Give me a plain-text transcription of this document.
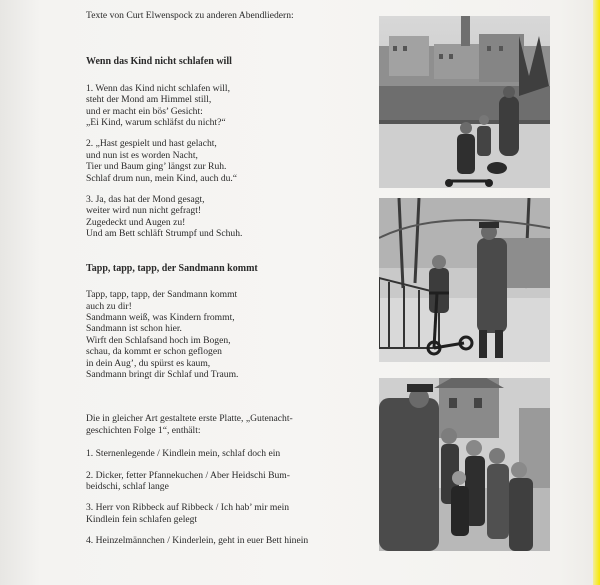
Texte von Curt Elwenspock zu anderen Abendliedern:
Wenn das Kind nicht schlafen will
1. Wenn das Kind nicht schlafen will,
steht der Mond am Himmel still,
und er macht ein bös’ Gesicht:
„Ei Kind, warum schläfst du nicht?“
2. „Hast gespielt und hast gelacht,
und nun ist es worden Nacht,
Tier und Baum ging’ längst zur Ruh.
Schlaf drum nun, mein Kind, auch du.“
3. Ja, das hat der Mond gesagt,
weiter wird nun nicht gefragt!
Zugedeckt und Augen zu!
Und am Bett schläft Strumpf und Schuh.
Tapp, tapp, tapp, der Sandmann kommt
Tapp, tapp, tapp, der Sandmann kommt
auch zu dir!
Sandmann weiß, was Kindern frommt,
Sandmann ist schon hier.
Wirft den Schlafsand hoch im Bogen,
schau, da kommt er schon geflogen
in dein Aug’, du spürst es kaum,
Sandmann bringt dir Schlaf und Traum.
Die in gleicher Art gestaltete erste Platte, „Gutenacht-
geschichten Folge 1“, enthält:
1. Sternenlegende / Kindlein mein, schlaf doch ein
2. Dicker, fetter Pfannekuchen / Aber Heidschi Bum-
beidschi, schlaf lange
3. Herr von Ribbeck auf Ribbeck / Ich hab’ mir mein
Kindlein fein schlafen gelegt
4. Heinzelmännchen / Kinderlein, geht in euer Bett hinein
